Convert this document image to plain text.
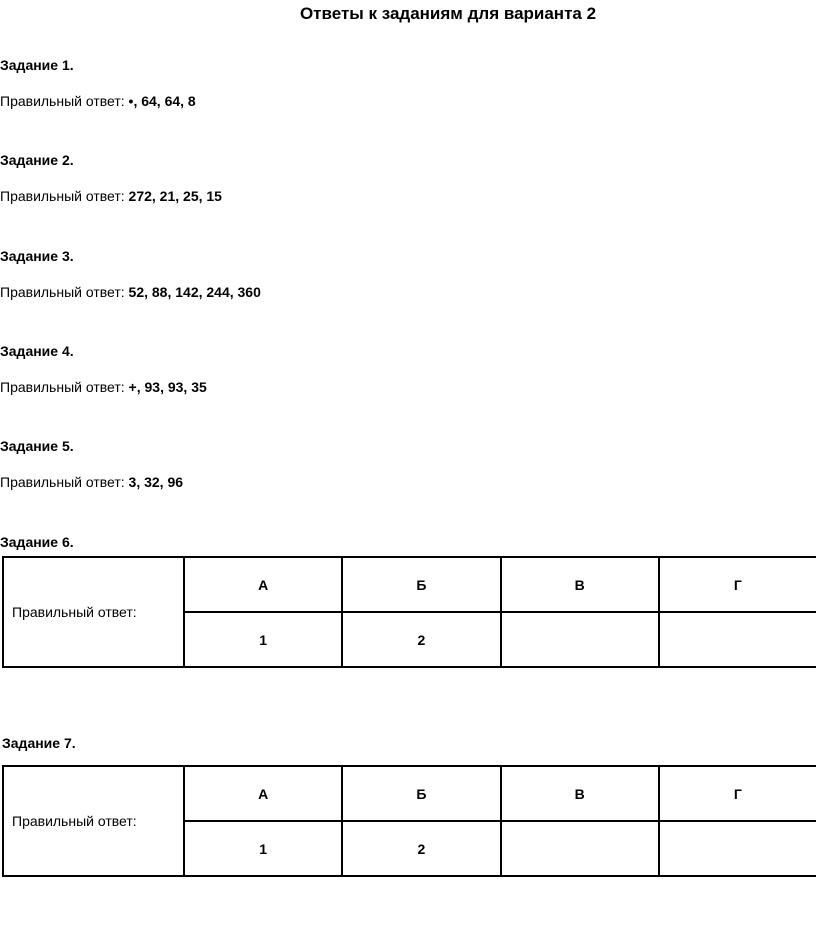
Ответы к заданиям для варианта 2
Задание 1.
Правильный ответ: •, 64, 64, 8
Задание 2.
Правильный ответ: 272, 21, 25, 15
Задание 3.
Правильный ответ: 52, 88, 142, 244, 360
Задание 4.
Правильный ответ: +, 93, 93, 35
Задание 5.
Правильный ответ: 3, 32, 96
Задание 6.
Правильный ответ:	А	Б	В	Г
	1	2		
Задание 7.
Правильный ответ:	А	Б	В	Г
	1	2		
